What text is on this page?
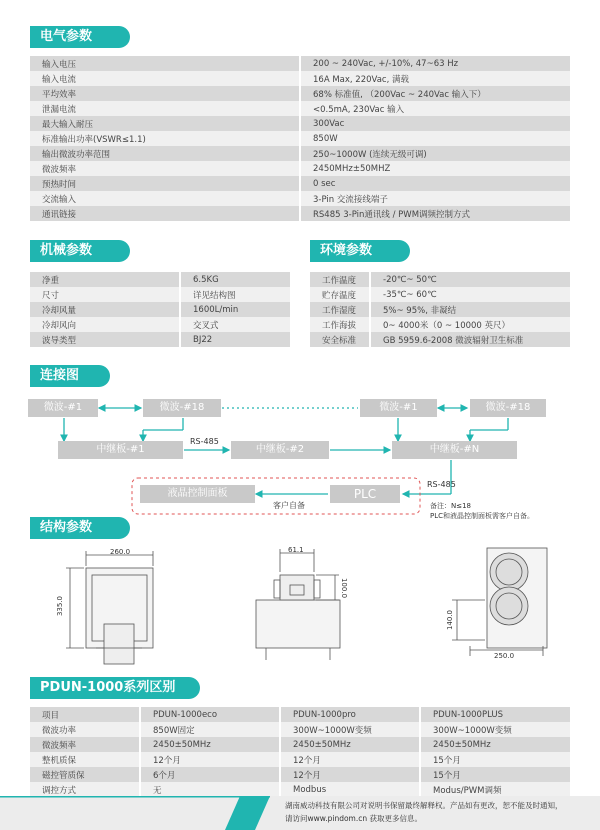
电气参数
输入电压	200 ~ 240Vac, +/-10%, 47~63 Hz
输入电流	16A Max, 220Vac, 满载
平均效率	68% 标准值, （200Vac ~ 240Vac 输入下）
泄漏电流	<0.5mA, 230Vac 输入
最大输入耐压	300Vac
标准输出功率(VSWR≤1.1)	850W
输出微波功率范围	250~1000W (连续无级可调)
微波频率	2450MHz±50MHZ
预热时间	0 sec
交流输入	3-Pin 交流接线端子
通讯链接	RS485 3-Pin通讯线 / PWM调频控制方式
机械参数
净重	6.5KG
尺寸	详见结构图
冷却风量	1600L/min
冷却风向	交叉式
波导类型	BJ22
环境参数
工作温度	-20℃~ 50℃
贮存温度	-35℃~ 60℃
工作湿度	5%~ 95%, 非凝结
工作海拔	0~ 4000米（0 ~ 10000 英尺）
安全标准	GB 5959.6-2008 微波辐射卫生标准
连接图
微波-#1	微波-#18	微波-#1	微波-#18
中继板-#1	中继板-#2	中继板-#N
PLC
液晶控制面板
RS-485
RS-485
客户自备	备注：N≤18
PLC和液晶控制面板需客户自备。
结构参数
260.0
335.0
61.1
100.0
250.0
140.0
PDUN-1000系列区别
项目	PDUN-1000eco	PDUN-1000pro	PDUN-1000PLUS
微波功率	850W固定	300W~1000W变频	300W~1000W变频
微波频率	2450±50MHz	2450±50MHz	2450±50MHz
整机质保	12个月	12个月	15个月
磁控管质保	6个月	12个月	15个月
调控方式	无	Modbus	Modus/PWM调频
湖南威动科技有限公司对说明书保留最终解释权。产品如有更改，恕不能及时通知，
请访问www.pindom.cn 获取更多信息。
